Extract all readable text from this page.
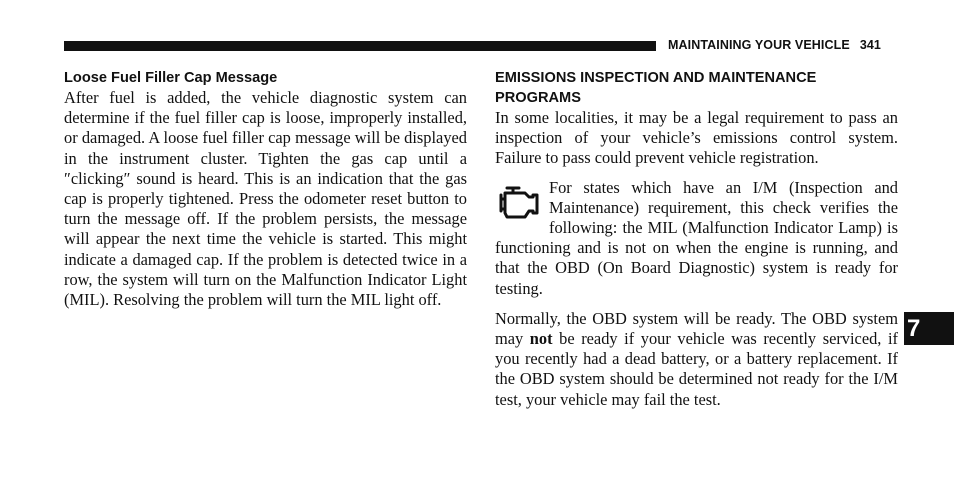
MAINTAINING YOUR VEHICLE 341
Loose Fuel Filler Cap Message

After fuel is added, the vehicle diagnostic system can determine if the fuel filler cap is loose, improperly installed, or damaged. A loose fuel filler cap message will be displayed in the instrument cluster. Tighten the gas cap until a ″clicking″ sound is heard. This is an indication that the gas cap is properly tightened. Press the odometer reset button to turn the message off. If the problem persists, the message will appear the next time the vehicle is started. This might indicate a damaged cap. If the problem is detected twice in a row, the system will turn on the Malfunction Indicator Light (MIL). Resolving the problem will turn the MIL light off.

EMISSIONS INSPECTION AND MAINTENANCE PROGRAMS

In some localities, it may be a legal requirement to pass an inspection of your vehicle’s emissions control system. Failure to pass could prevent vehicle registration.

For states which have an I/M (Inspection and Maintenance) requirement, this check verifies the following: the MIL (Malfunction Indicator Lamp) is functioning and is not on when the engine is running, and that the OBD (On Board Diagnostic) system is ready for testing.

Normally, the OBD system will be ready. The OBD system may not be ready if your vehicle was recently serviced, if you recently had a dead battery, or a battery replacement. If the OBD system should be determined not ready for the I/M test, your vehicle may fail the test.

7
